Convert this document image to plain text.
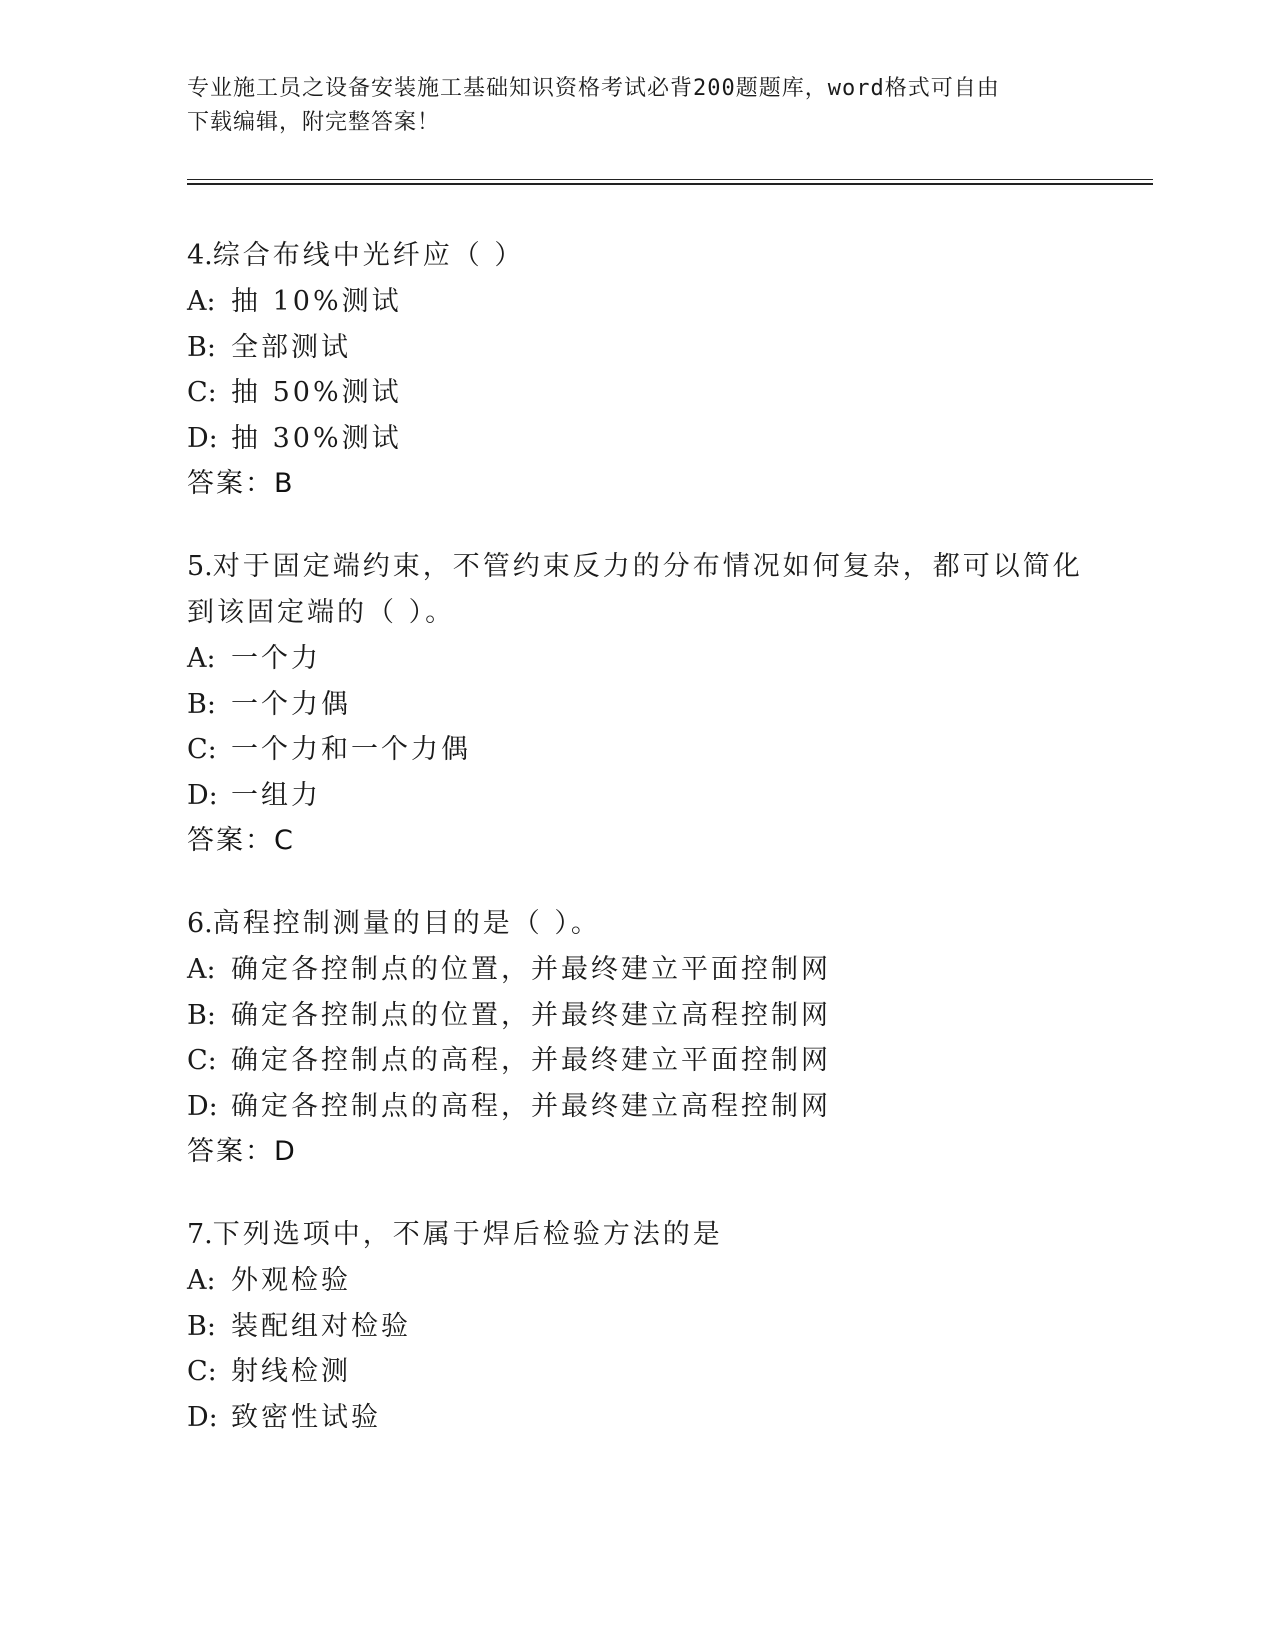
专业施工员之设备安装施工基础知识资格考试必背200题题库，word格式可自由
下载编辑，附完整答案！
4.综合布线中光纤应（ ）
A: 抽 10%测试
B: 全部测试
C: 抽 50%测试
D: 抽 30%测试
答案：B
5.对于固定端约束，不管约束反力的分布情况如何复杂，都可以简化到该固定端的（ ）。
A: 一个力
B: 一个力偶
C: 一个力和一个力偶
D: 一组力
答案：C
6.高程控制测量的目的是（ ）。
A: 确定各控制点的位置，并最终建立平面控制网
B: 确定各控制点的位置，并最终建立高程控制网
C: 确定各控制点的高程，并最终建立平面控制网
D: 确定各控制点的高程，并最终建立高程控制网
答案：D
7.下列选项中，不属于焊后检验方法的是
A: 外观检验
B: 装配组对检验
C: 射线检测
D: 致密性试验
